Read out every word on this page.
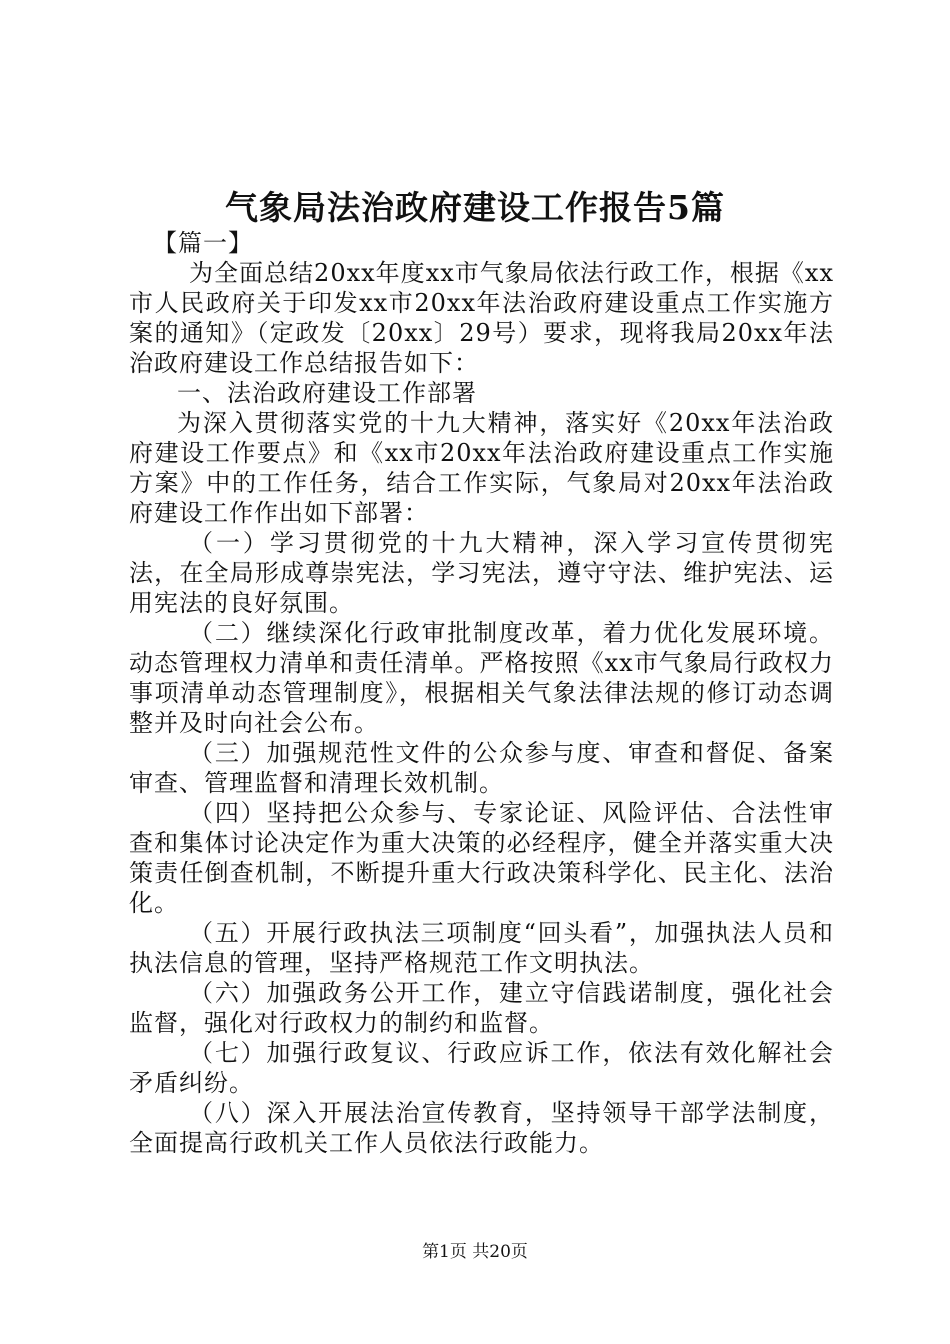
气象局法治政府建设工作报告5篇

【篇一】

为全面总结20xx年度xx市气象局依法行政工作，根据《xx市人民政府关于印发xx市20xx年法治政府建设重点工作实施方案的通知》（定政发〔20xx〕29号）要求，现将我局20xx年法治政府建设工作总结报告如下：

一、法治政府建设工作部署

为深入贯彻落实党的十九大精神，落实好《20xx年法治政府建设工作要点》和《xx市20xx年法治政府建设重点工作实施方案》中的工作任务，结合工作实际，气象局对20xx年法治政府建设工作作出如下部署：

（一）学习贯彻党的十九大精神，深入学习宣传贯彻宪法，在全局形成尊崇宪法，学习宪法，遵守守法、维护宪法、运用宪法的良好氛围。

（二）继续深化行政审批制度改革，着力优化发展环境。动态管理权力清单和责任清单。严格按照《xx市气象局行政权力事项清单动态管理制度》，根据相关气象法律法规的修订动态调整并及时向社会公布。

（三）加强规范性文件的公众参与度、审查和督促、备案审查、管理监督和清理长效机制。

（四）坚持把公众参与、专家论证、风险评估、合法性审查和集体讨论决定作为重大决策的必经程序，健全并落实重大决策责任倒查机制，不断提升重大行政决策科学化、民主化、法治化。

（五）开展行政执法三项制度“回头看”，加强执法人员和执法信息的管理，坚持严格规范工作文明执法。

（六）加强政务公开工作，建立守信践诺制度，强化社会监督，强化对行政权力的制约和监督。

（七）加强行政复议、行政应诉工作，依法有效化解社会矛盾纠纷。

（八）深入开展法治宣传教育，坚持领导干部学法制度，全面提高行政机关工作人员依法行政能力。

第1页 共20页
